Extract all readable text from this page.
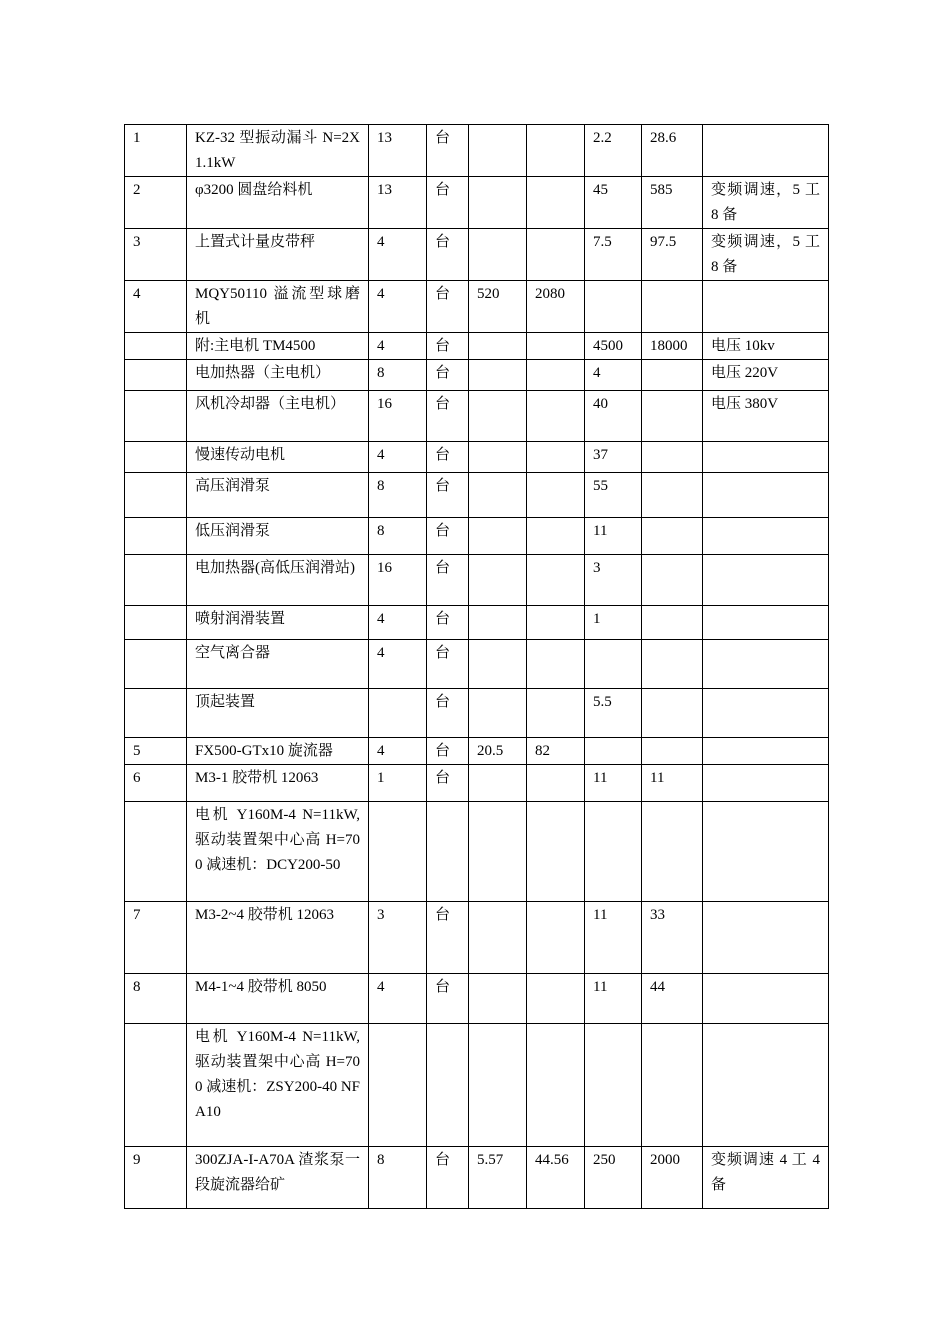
1	KZ-32 型振动漏斗 N=2X1.1kW	13	台			2.2	28.6	
2	φ3200 圆盘给料机	13	台			45	585	变频调速，5 工 8 备
3	上置式计量皮带秤	4	台			7.5	97.5	变频调速，5 工 8 备
4	MQY50110 溢流型球磨机	4	台	520	2080			
	附:主电机 TM4500	4	台			4500	18000	电压 10kv
	电加热器（主电机）	8	台			4		电压 220V
	风机冷却器（主电机）	16	台			40		电压 380V
	慢速传动电机	4	台			37		
	高压润滑泵	8	台			55		
	低压润滑泵	8	台			11		
	电加热器(高低压润滑站)	16	台			3		
	喷射润滑装置	4	台			1		
	空气离合器	4	台					
	顶起装置		台			5.5		
5	FX500-GTx10 旋流器	4	台	20.5	82			
6	M3-1 胶带机 12063	1	台			11	11	
	电机 Y160M-4 N=11kW, 驱动装置架中心高 H=700 减速机：DCY200-50							
7	M3-2~4 胶带机 12063	3	台			11	33	
8	M4-1~4 胶带机 8050	4	台			11	44	
	电机 Y160M-4 N=11kW, 驱动装置架中心高 H=700 减速机：ZSY200-40 NFA10							
9	300ZJA-I-A70A 渣浆泵一段旋流器给矿	8	台	5.57	44.56	250	2000	变频调速 4 工 4 备
